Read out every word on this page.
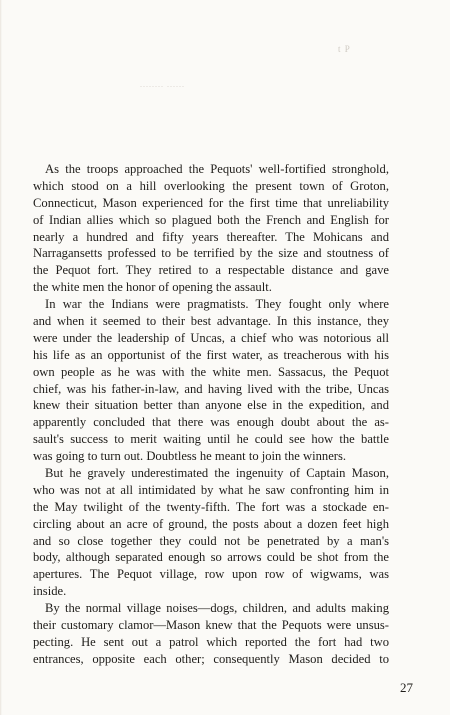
t P
........ ......
As the troops approached the Pequots' well-fortified stronghold,
which stood on a hill overlooking the present town of Groton,
Connecticut, Mason experienced for the first time that unreliability
of Indian allies which so plagued both the French and English for
nearly a hundred and fifty years thereafter. The Mohicans and
Narragansetts professed to be terrified by the size and stoutness of
the Pequot fort. They retired to a respectable distance and gave
the white men the honor of opening the assault.
In war the Indians were pragmatists. They fought only where
and when it seemed to their best advantage. In this instance, they
were under the leadership of Uncas, a chief who was notorious all
his life as an opportunist of the first water, as treacherous with his
own people as he was with the white men. Sassacus, the Pequot
chief, was his father-in-law, and having lived with the tribe, Uncas
knew their situation better than anyone else in the expedition, and
apparently concluded that there was enough doubt about the as-
sault's success to merit waiting until he could see how the battle
was going to turn out. Doubtless he meant to join the winners.
But he gravely underestimated the ingenuity of Captain Mason,
who was not at all intimidated by what he saw confronting him in
the May twilight of the twenty-fifth. The fort was a stockade en-
circling about an acre of ground, the posts about a dozen feet high
and so close together they could not be penetrated by a man's
body, although separated enough so arrows could be shot from the
apertures. The Pequot village, row upon row of wigwams, was
inside.
By the normal village noises—dogs, children, and adults making
their customary clamor—Mason knew that the Pequots were unsus-
pecting. He sent out a patrol which reported the fort had two
entrances, opposite each other; consequently Mason decided to
27
